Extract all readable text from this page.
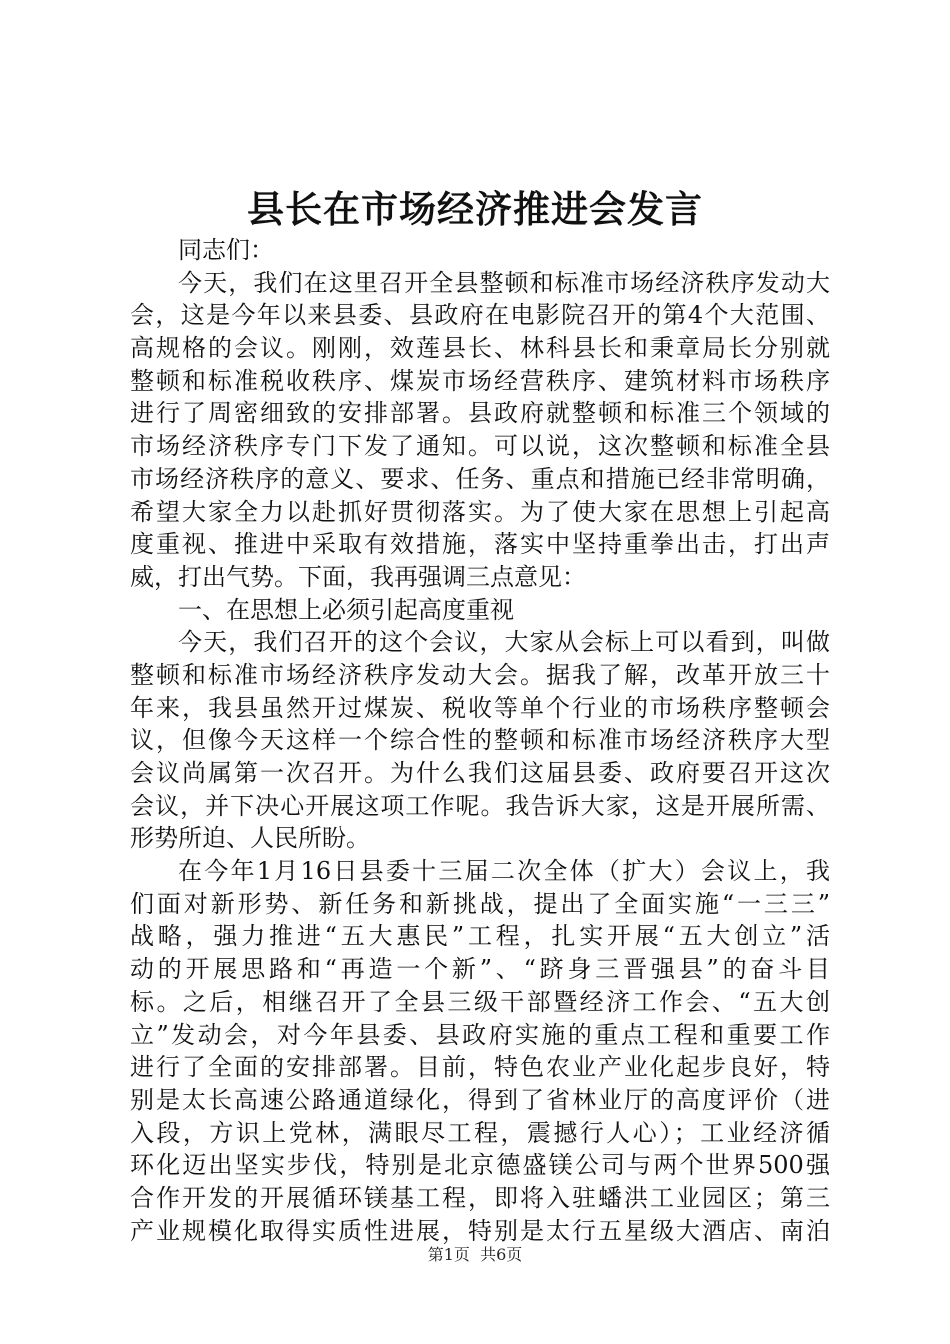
县长在市场经济推进会发言
同志们：
今天，我们在这里召开全县整顿和标准市场经济秩序发动大
会，这是今年以来县委、县政府在电影院召开的第4个大范围、
高规格的会议。刚刚，效莲县长、林科县长和秉章局长分别就
整顿和标准税收秩序、煤炭市场经营秩序、建筑材料市场秩序
进行了周密细致的安排部署。县政府就整顿和标准三个领域的
市场经济秩序专门下发了通知。可以说，这次整顿和标准全县
市场经济秩序的意义、要求、任务、重点和措施已经非常明确，
希望大家全力以赴抓好贯彻落实。为了使大家在思想上引起高
度重视、推进中采取有效措施，落实中坚持重拳出击，打出声
威，打出气势。下面，我再强调三点意见：
一、在思想上必须引起高度重视
今天，我们召开的这个会议，大家从会标上可以看到，叫做
整顿和标准市场经济秩序发动大会。据我了解，改革开放三十
年来，我县虽然开过煤炭、税收等单个行业的市场秩序整顿会
议，但像今天这样一个综合性的整顿和标准市场经济秩序大型
会议尚属第一次召开。为什么我们这届县委、政府要召开这次
会议，并下决心开展这项工作呢。我告诉大家，这是开展所需、
形势所迫、人民所盼。
在今年1月16日县委十三届二次全体（扩大）会议上，我
们面对新形势、新任务和新挑战，提出了全面实施“一三三”
战略，强力推进“五大惠民”工程，扎实开展“五大创立”活
动的开展思路和“再造一个新”、“跻身三晋强县”的奋斗目
标。之后，相继召开了全县三级干部暨经济工作会、“五大创
立”发动会，对今年县委、县政府实施的重点工程和重要工作
进行了全面的安排部署。目前，特色农业产业化起步良好，特
别是太长高速公路通道绿化，得到了省林业厅的高度评价（进
入段，方识上党林，满眼尽工程，震撼行人心）；工业经济循
环化迈出坚实步伐，特别是北京德盛镁公司与两个世界500强
合作开发的开展循环镁基工程，即将入驻蟠洪工业园区；第三
产业规模化取得实质性进展，特别是太行五星级大酒店、南泊
第1页  共6页
